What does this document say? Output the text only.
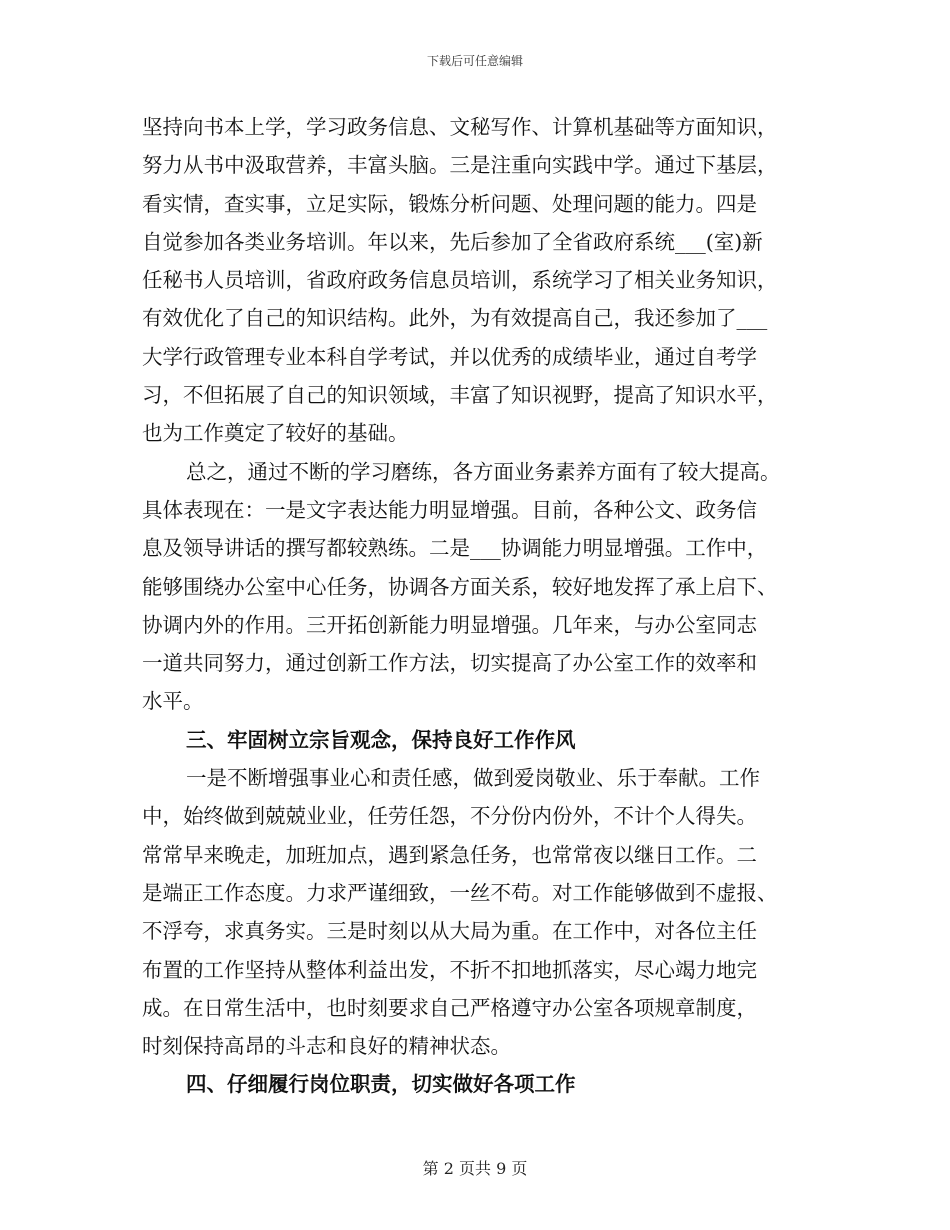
下载后可任意编辑
坚持向书本上学，学习政务信息、文秘写作、计算机基础等方面知识，
努力从书中汲取营养，丰富头脑。三是注重向实践中学。通过下基层，
看实情，查实事，立足实际，锻炼分析问题、处理问题的能力。四是
自觉参加各类业务培训。年以来，先后参加了全省政府系统___(室)新
任秘书人员培训，省政府政务信息员培训，系统学习了相关业务知识，
有效优化了自己的知识结构。此外，为有效提高自己，我还参加了___
大学行政管理专业本科自学考试，并以优秀的成绩毕业，通过自考学
习，不但拓展了自己的知识领域，丰富了知识视野，提高了知识水平，
也为工作奠定了较好的基础。
总之，通过不断的学习磨练，各方面业务素养方面有了较大提高。
具体表现在：一是文字表达能力明显增强。目前，各种公文、政务信
息及领导讲话的撰写都较熟练。二是___协调能力明显增强。工作中，
能够围绕办公室中心任务，协调各方面关系，较好地发挥了承上启下、
协调内外的作用。三开拓创新能力明显增强。几年来，与办公室同志
一道共同努力，通过创新工作方法，切实提高了办公室工作的效率和
水平。
三、牢固树立宗旨观念，保持良好工作作风
一是不断增强事业心和责任感，做到爱岗敬业、乐于奉献。工作
中，始终做到兢兢业业，任劳任怨，不分份内份外，不计个人得失。
常常早来晚走，加班加点，遇到紧急任务，也常常夜以继日工作。二
是端正工作态度。力求严谨细致，一丝不苟。对工作能够做到不虚报、
不浮夸，求真务实。三是时刻以从大局为重。在工作中，对各位主任
布置的工作坚持从整体利益出发，不折不扣地抓落实，尽心竭力地完
成。在日常生活中，也时刻要求自己严格遵守办公室各项规章制度，
时刻保持高昂的斗志和良好的精神状态。
四、仔细履行岗位职责，切实做好各项工作
第 2 页共 9 页
